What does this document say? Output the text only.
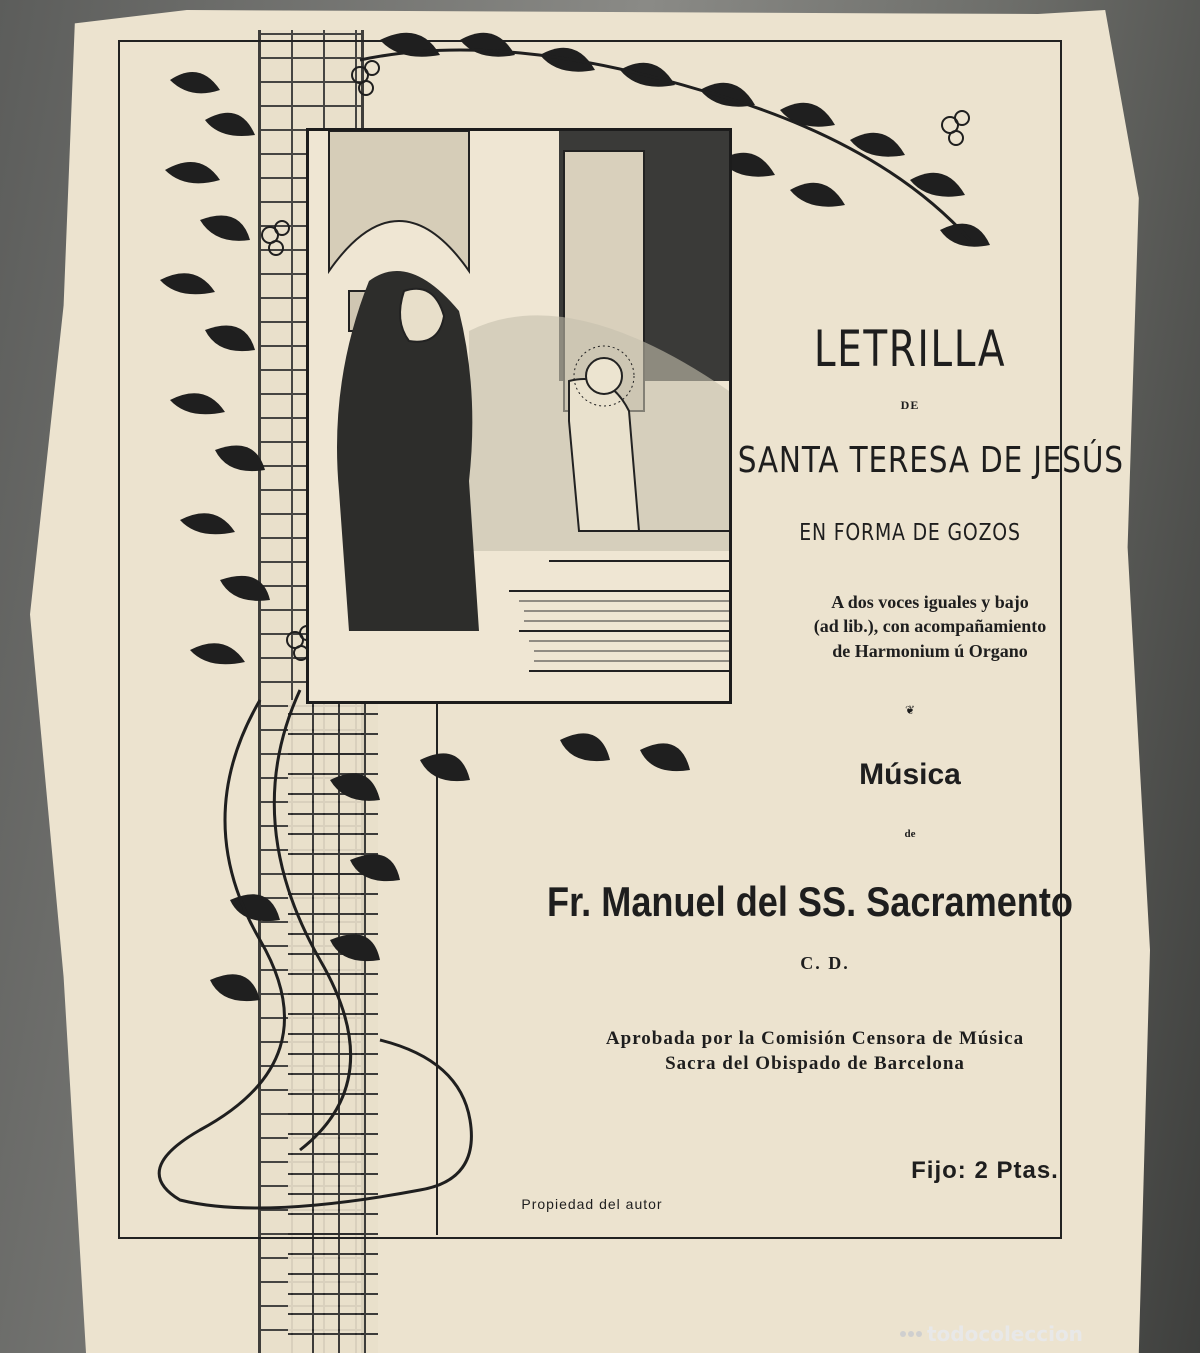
LETRILLA
DE
SANTA TERESA DE JESÚS
EN FORMA DE GOZOS
A dos voces iguales y bajo
(ad lib.), con acompañamiento
de Harmonium ú Organo
❦
Música
de
Fr. Manuel del SS. Sacramento
C. D.
Aprobada por la Comisión Censora de Música
Sacra del Obispado de Barcelona
Fijo: 2 Ptas.
Propiedad del autor
todocoleccion
